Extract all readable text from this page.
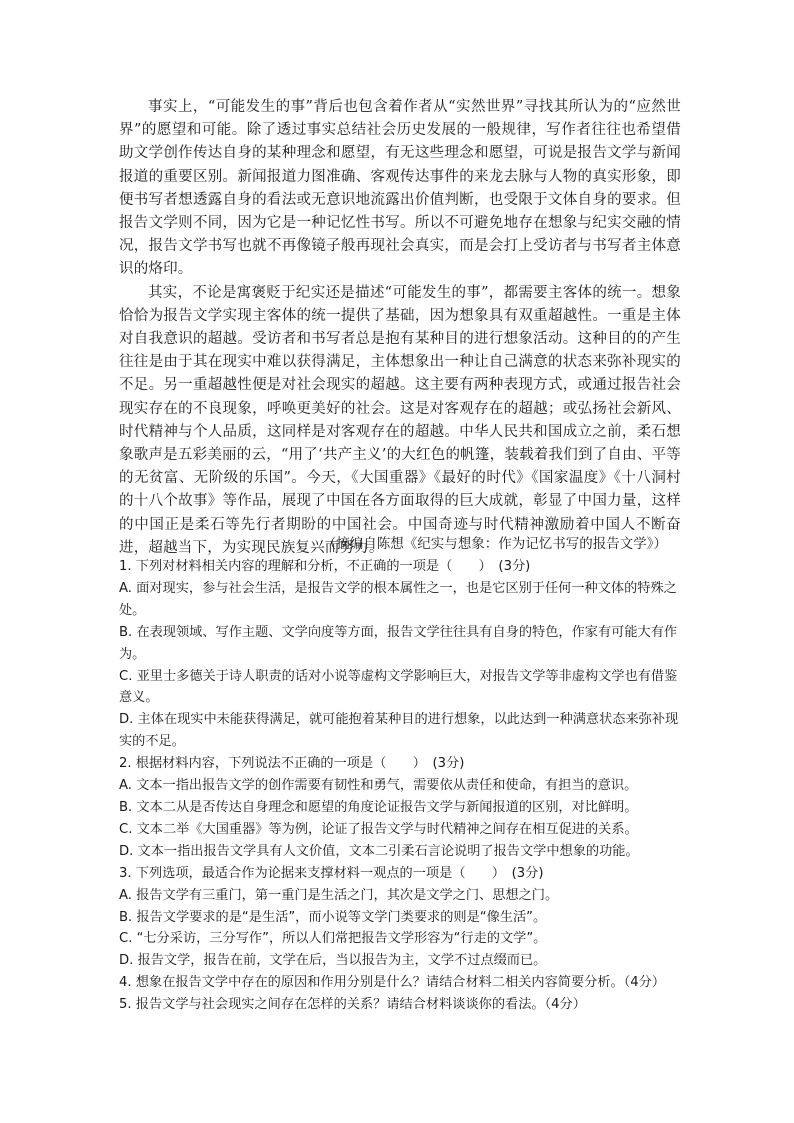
事实上，“可能发生的事”背后也包含着作者从“实然世界”寻找其所认为的“应然世界”的愿望和可能。除了透过事实总结社会历史发展的一般规律，写作者往往也希望借助文学创作传达自身的某种理念和愿望，有无这些理念和愿望，可说是报告文学与新闻报道的重要区别。新闻报道力图准确、客观传达事件的来龙去脉与人物的真实形象，即便书写者想透露自身的看法或无意识地流露出价值判断，也受限于文体自身的要求。但报告文学则不同，因为它是一种记忆性书写。所以不可避免地存在想象与纪实交融的情况，报告文学书写也就不再像镜子般再现社会真实，而是会打上受访者与书写者主体意识的烙印。

其实，不论是寓褒贬于纪实还是描述“可能发生的事”，都需要主客体的统一。想象恰恰为报告文学实现主客体的统一提供了基础，因为想象具有双重超越性。一重是主体对自我意识的超越。受访者和书写者总是抱有某种目的进行想象活动。这种目的的产生往往是由于其在现实中难以获得满足，主体想象出一种让自己满意的状态来弥补现实的不足。另一重超越性便是对社会现实的超越。这主要有两种表现方式，或通过报告社会现实存在的不良现象，呼唤更美好的社会。这是对客观存在的超越；或弘扬社会新风、时代精神与个人品质，这同样是对客观存在的超越。中华人民共和国成立之前，柔石想象歌声是五彩美丽的云，“用了‘共产主义’的大红色的帆篷，装载着我们到了自由、平等的无贫富、无阶级的乐国”。今天，《大国重器》《最好的时代》《国家温度》《十八洞村的十八个故事》等作品，展现了中国在各方面取得的巨大成就，彰显了中国力量，这样的中国正是柔石等先行者期盼的中国社会。中国奇迹与时代精神激励着中国人不断奋进，超越当下，为实现民族复兴而努力。

（摘编自陈想《纪实与想象：作为记忆书写的报告文学》）

1. 下列对材料相关内容的理解和分析，不正确的一项是（　　）　(3分)

A. 面对现实，参与社会生活，是报告文学的根本属性之一，也是它区别于任何一种文体的特殊之处。

B. 在表现领域、写作主题、文学向度等方面，报告文学往往具有自身的特色，作家有可能大有作为。

C. 亚里士多德关于诗人职责的话对小说等虚构文学影响巨大，对报告文学等非虚构文学也有借鉴意义。

D. 主体在现实中未能获得满足，就可能抱着某种目的进行想象，以此达到一种满意状态来弥补现实的不足。

2. 根据材料内容，下列说法不正确的一项是（　　）　(3分)

A. 文本一指出报告文学的创作需要有韧性和勇气，需要依从责任和使命，有担当的意识。

B. 文本二从是否传达自身理念和愿望的角度论证报告文学与新闻报道的区别，对比鲜明。

C. 文本二举《大国重器》等为例，论证了报告文学与时代精神之间存在相互促进的关系。

D. 文本一指出报告文学具有人文价值，文本二引柔石言论说明了报告文学中想象的功能。

3. 下列选项，最适合作为论据来支撑材料一观点的一项是（　　）　(3分)

A. 报告文学有三重门，第一重门是生活之门，其次是文学之门、思想之门。

B. 报告文学要求的是“是生活”，而小说等文学门类要求的则是“像生活”。

C. “七分采访，三分写作”，所以人们常把报告文学形容为“行走的文学”。

D. 报告文学，报告在前，文学在后，当以报告为主，文学不过点缀而已。

4. 想象在报告文学中存在的原因和作用分别是什么？请结合材料二相关内容简要分析。（4分）

5. 报告文学与社会现实之间存在怎样的关系？请结合材料谈谈你的看法。（4分）
